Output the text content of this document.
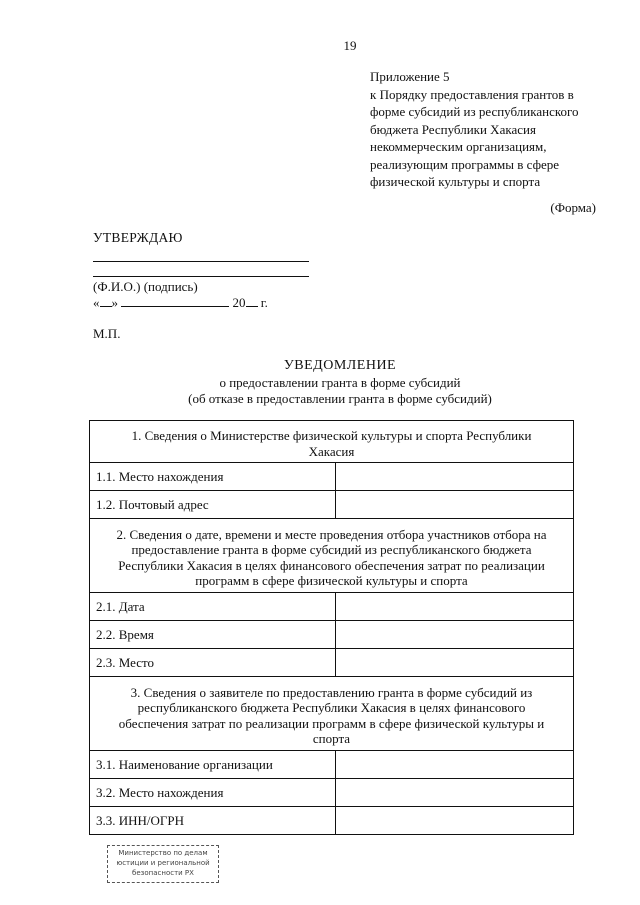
19
Приложение 5
к Порядку предоставления грантов в
форме субсидий из республиканского
бюджета Республики Хакасия
некоммерческим организациям,
реализующим программы в сфере
физической культуры и спорта
(Форма)
УТВЕРЖДАЮ
(Ф.И.О.) (подпись)
« »	20 г.
М.П.
УВЕДОМЛЕНИЕ
о предоставлении гранта в форме субсидий
(об отказе в предоставлении гранта в форме субсидий)
1. Сведения о Министерстве физической культуры и спорта Республики Хакасия	
1.1. Место нахождения	
1.2. Почтовый адрес	
2. Сведения о дате, времени и месте проведения отбора участников отбора на предоставление гранта в форме субсидий из республиканского бюджета Республики Хакасия в целях финансового обеспечения затрат по реализации программ в сфере физической культуры и спорта	
2.1. Дата	
2.2. Время	
2.3. Место	
3. Сведения о заявителе по предоставлению гранта в форме субсидий из республиканского бюджета Республики Хакасия в целях финансового обеспечения затрат по реализации программ в сфере физической культуры и спорта	
3.1. Наименование организации	
3.2. Место нахождения	
3.3. ИНН/ОГРН	
Министерство по делам
юстиции и региональной
безопасности РХ
